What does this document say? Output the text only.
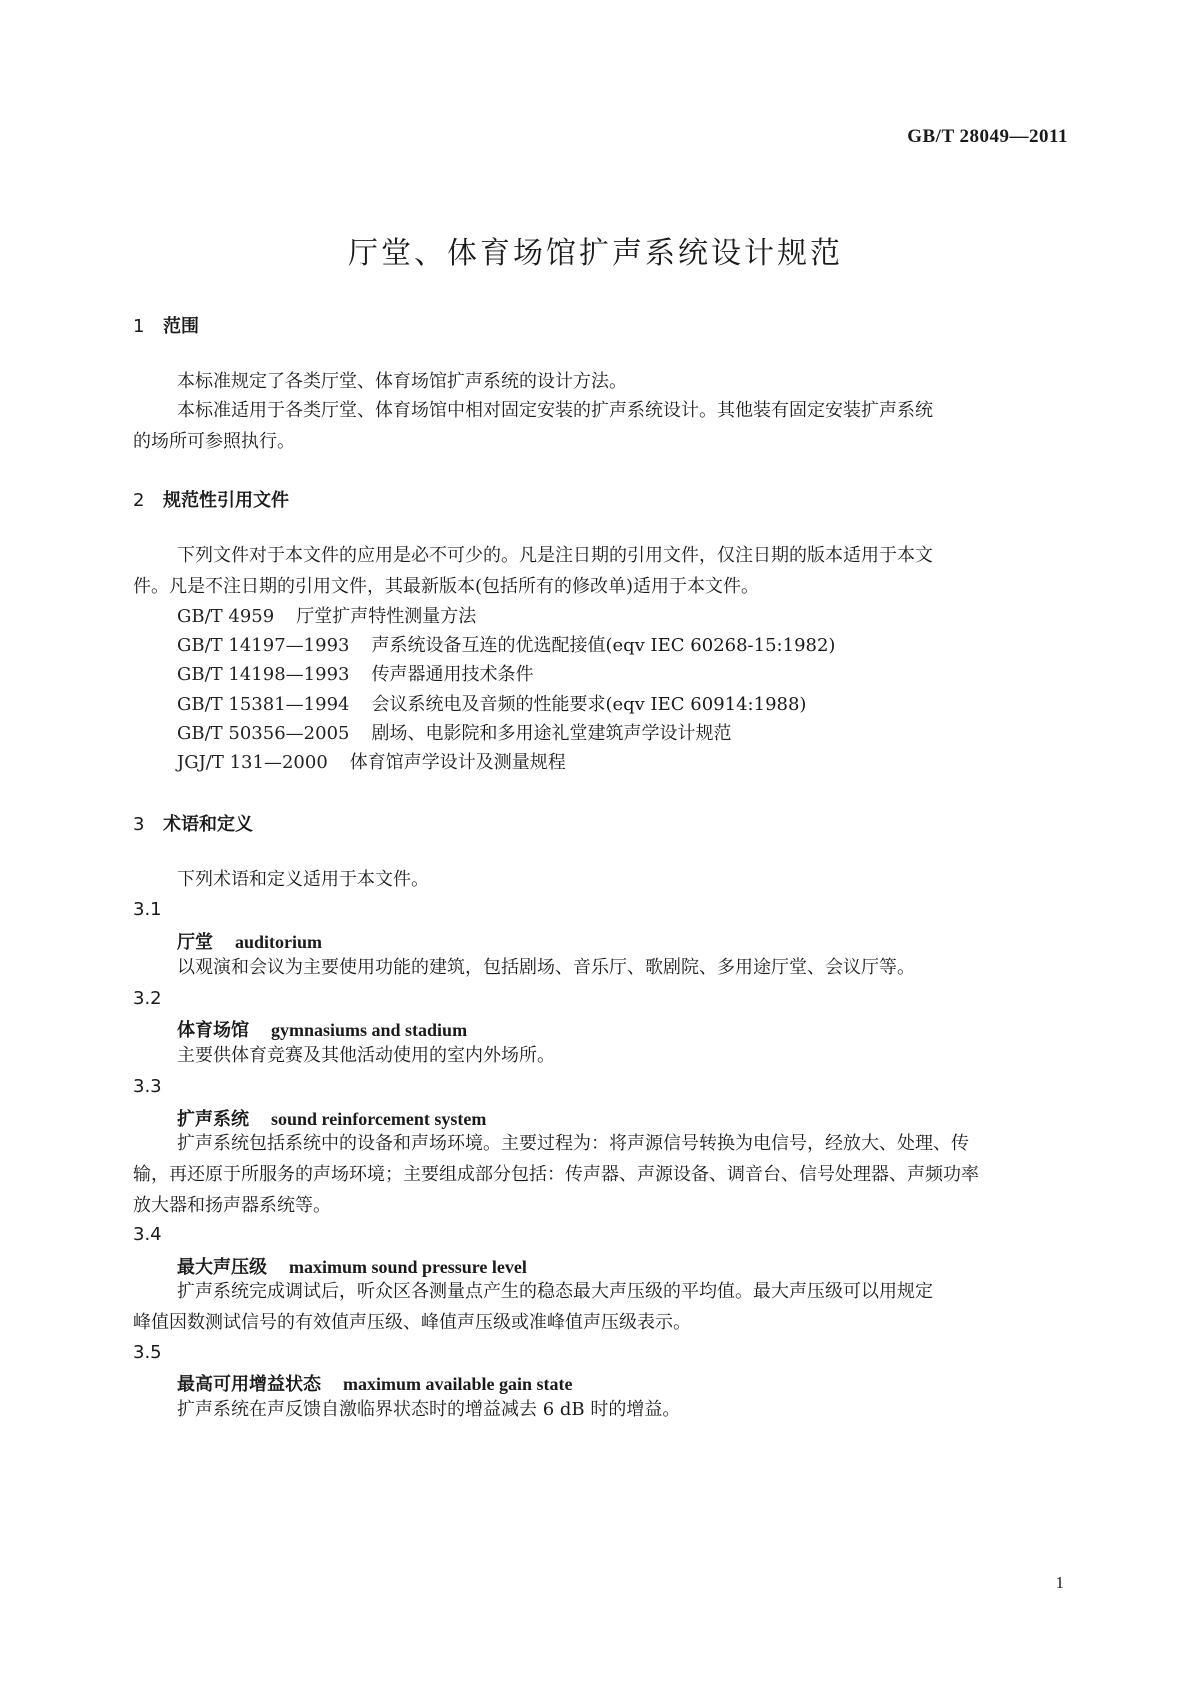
GB/T 28049—2011
厅堂、体育场馆扩声系统设计规范
1 范围
本标准规定了各类厅堂、体育场馆扩声系统的设计方法。
本标准适用于各类厅堂、体育场馆中相对固定安装的扩声系统设计。其他装有固定安装扩声系统
的场所可参照执行。
2 规范性引用文件
下列文件对于本文件的应用是必不可少的。凡是注日期的引用文件，仅注日期的版本适用于本文
件。凡是不注日期的引用文件，其最新版本(包括所有的修改单)适用于本文件。
GB/T 4959 厅堂扩声特性测量方法
GB/T 14197—1993 声系统设备互连的优选配接值(eqv IEC 60268-15:1982)
GB/T 14198—1993 传声器通用技术条件
GB/T 15381—1994 会议系统电及音频的性能要求(eqv IEC 60914:1988)
GB/T 50356—2005 剧场、电影院和多用途礼堂建筑声学设计规范
JGJ/T 131—2000 体育馆声学设计及测量规程
3 术语和定义
下列术语和定义适用于本文件。
3.1
厅堂 auditorium
以观演和会议为主要使用功能的建筑，包括剧场、音乐厅、歌剧院、多用途厅堂、会议厅等。
3.2
体育场馆 gymnasiums and stadium
主要供体育竞赛及其他活动使用的室内外场所。
3.3
扩声系统 sound reinforcement system
扩声系统包括系统中的设备和声场环境。主要过程为：将声源信号转换为电信号，经放大、处理、传
输，再还原于所服务的声场环境；主要组成部分包括：传声器、声源设备、调音台、信号处理器、声频功率
放大器和扬声器系统等。
3.4
最大声压级 maximum sound pressure level
扩声系统完成调试后，听众区各测量点产生的稳态最大声压级的平均值。最大声压级可以用规定
峰值因数测试信号的有效值声压级、峰值声压级或准峰值声压级表示。
3.5
最高可用增益状态 maximum available gain state
扩声系统在声反馈自激临界状态时的增益减去 6 dB 时的增益。
1
